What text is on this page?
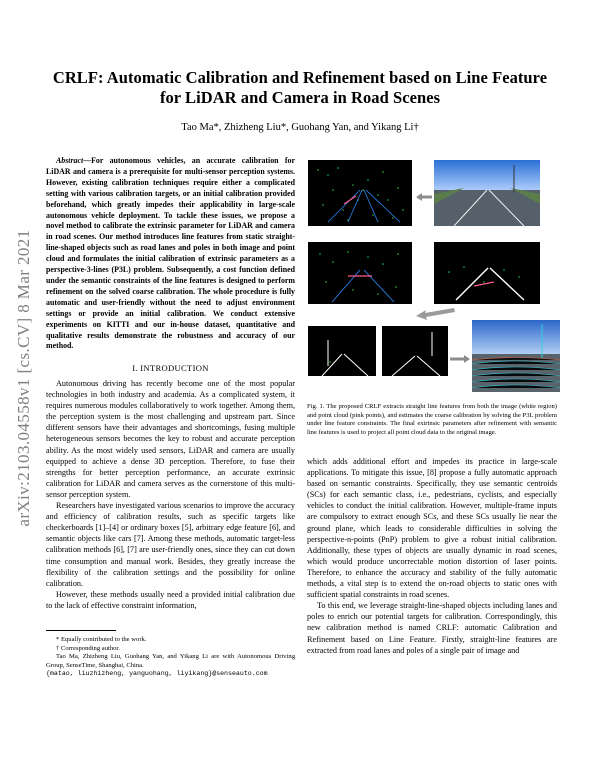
CRLF: Automatic Calibration and Refinement based on Line Feature
for LiDAR and Camera in Road Scenes
Tao Ma*, Zhizheng Liu*, Guohang Yan, and Yikang Li†
arXiv:2103.04558v1 [cs.CV] 8 Mar 2021
Abstract—For autonomous vehicles, an accurate calibration for LiDAR and camera is a prerequisite for multi-sensor perception systems. However, existing calibration techniques require either a complicated setting with various calibration targets, or an initial calibration provided beforehand, which greatly impedes their applicability in large-scale autonomous vehicle deployment. To tackle these issues, we propose a novel method to calibrate the extrinsic parameter for LiDAR and camera in road scenes. Our method introduces line features from static straight-line-shaped objects such as road lanes and poles in both image and point cloud and formulates the initial calibration of extrinsic parameters as a perspective-3-lines (P3L) problem. Subsequently, a cost function defined under the semantic constraints of the line features is designed to perform refinement on the solved coarse calibration. The whole procedure is fully automatic and user-friendly without the need to adjust environment settings or provide an initial calibration. We conduct extensive experiments on KITTI and our in-house dataset, quantitative and qualitative results demonstrate the robustness and accuracy of our method.
I. INTRODUCTION

Autonomous driving has recently become one of the most popular technologies in both industry and academia. As a complicated system, it requires numerous modules collaboratively to work together. Among them, the perception system is the most challenging and upstream part. Since different sensors have their advantages and shortcomings, fusing multiple heterogeneous sensors becomes the key to robust and accurate perception ability. As the most widely used sensors, LiDAR and camera are usually equipped to achieve a dense 3D perception. Therefore, to fuse their strengths for better perception performance, an accurate extrinsic calibration for LiDAR and camera serves as the cornerstone of this multi-sensor perception system.

Researchers have investigated various scenarios to improve the accuracy and efficiency of calibration results, such as specific targets like checkerboards [1]–[4] or ordinary boxes [5], arbitrary edge feature [6], and semantic objects like cars [7]. Among these methods, automatic target-less calibration methods [6], [7] are user-friendly ones, since they can cut down time consumption and manual work. Besides, they greatly increase the flexibility of the calibration settings and the possibility for online calibration.

However, these methods usually need a provided initial calibration due to the lack of effective constraint information,

* Equally contributed to the work.

† Corresponding author.

Tao Ma, Zhizheng Liu, Guohang Yan, and Yikang Li are with Autonomous Driving Group, SenseTime, Shanghai, China.

{matao, liuzhizheng, yanguohang, liyikang}@senseauto.com

Fig. 1. The proposed CRLF extracts straight line features from both the image (white region) and point cloud (pink points), and estimates the coarse calibration by solving the P3L problem under line feature constraints. The final extrinsic parameters after refinement with semantic line features is used to project all point cloud data to the original image.

which adds additional effort and impedes its practice in large-scale applications. To mitigate this issue, [8] propose a fully automatic approach based on semantic constraints. Specifically, they use semantic centroids (SCs) for each semantic class, i.e., pedestrians, cyclists, and especially vehicles to conduct the initial calibration. However, multiple-frame inputs are compulsory to extract enough SCs, and these SCs usually lie near the ground plane, which leads to considerable difficulties in solving the perspective-n-points (PnP) problem to give a robust initial calibration. Additionally, these types of objects are usually dynamic in road scenes, which would produce uncorrectable motion distortion of laser points. Therefore, to enhance the accuracy and stability of the fully automatic methods, a vital step is to extend the on-road objects to static ones with sufficient spatial constraints in road scenes.

To this end, we leverage straight-line-shaped objects including lanes and poles to enrich our potential targets for calibration. Correspondingly, this new calibration method is named CRLF: automatic Calibration and Refinement based on Line Feature. Firstly, straight-line features are extracted from road lanes and poles of a single pair of image and
